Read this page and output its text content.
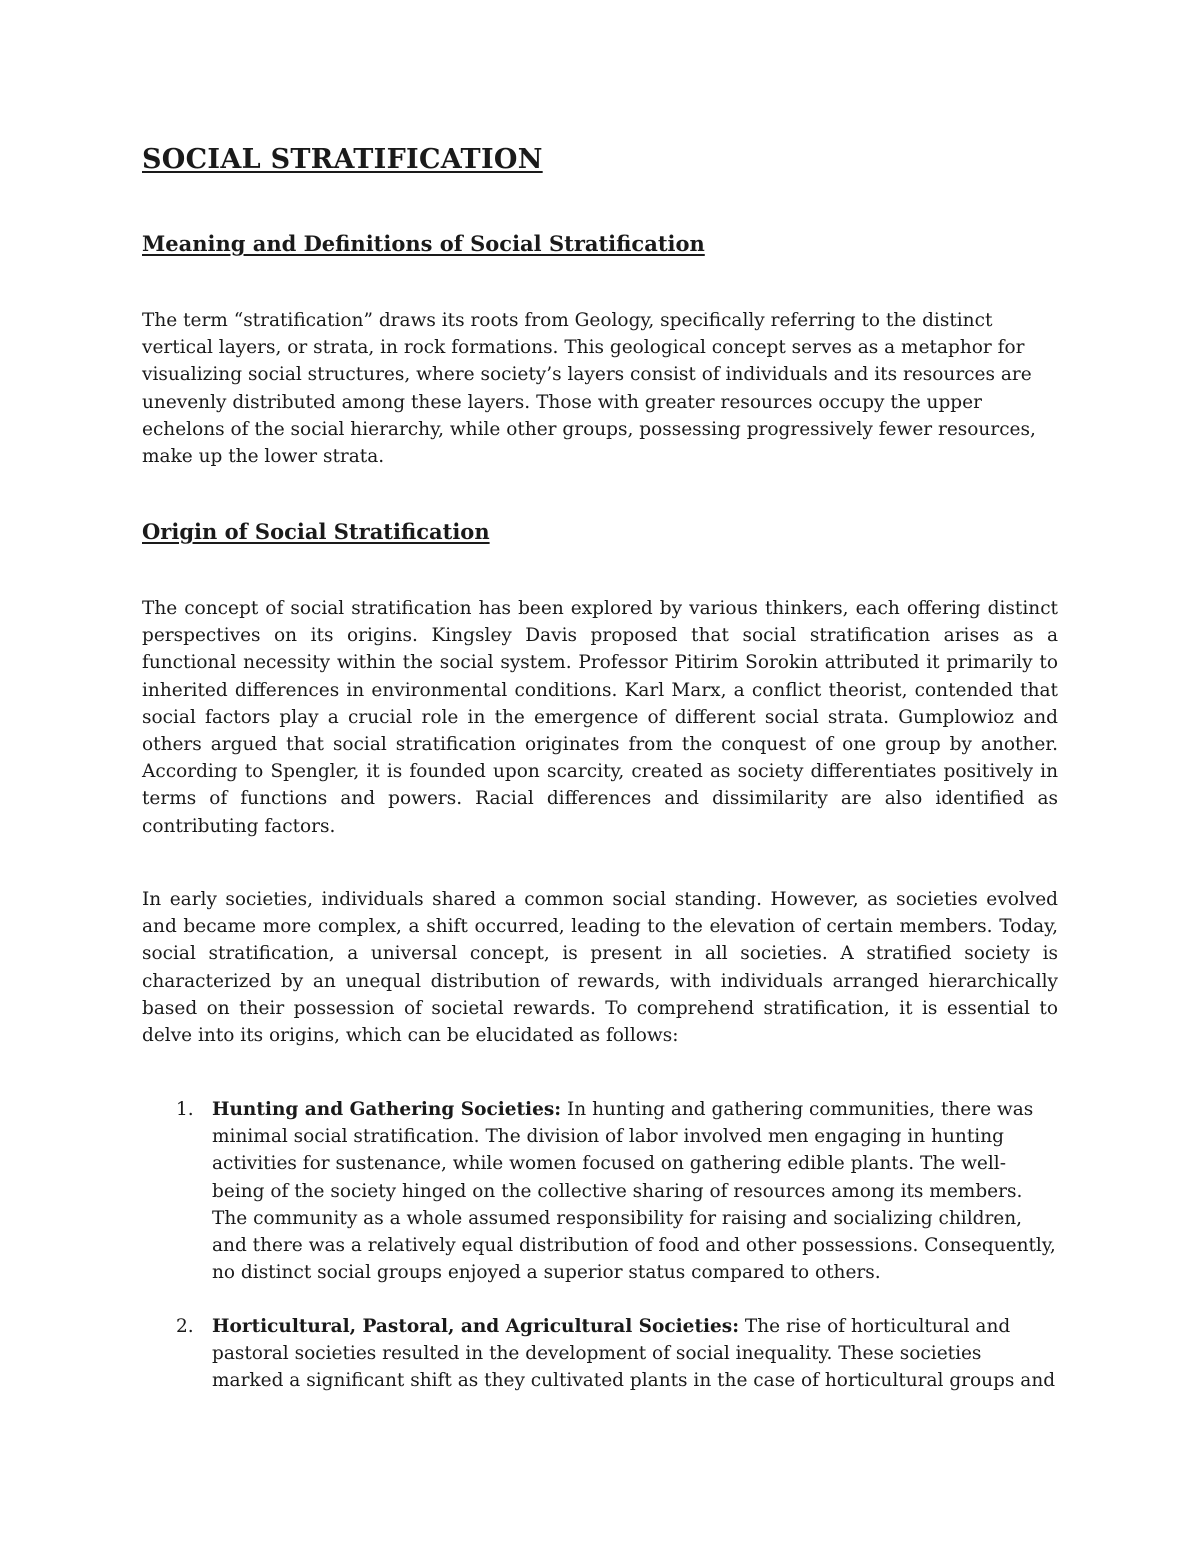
SOCIAL STRATIFICATION
Meaning and Definitions of Social Stratification

The term “stratification” draws its roots from Geology, specifically referring to the distinct vertical layers, or strata, in rock formations. This geological concept serves as a metaphor for visualizing social structures, where society’s layers consist of individuals and its resources are unevenly distributed among these layers. Those with greater resources occupy the upper echelons of the social hierarchy, while other groups, possessing progressively fewer resources, make up the lower strata.

Origin of Social Stratification

The concept of social stratification has been explored by various thinkers, each offering distinct perspectives on its origins. Kingsley Davis proposed that social stratification arises as a functional necessity within the social system. Professor Pitirim Sorokin attributed it primarily to inherited differences in environmental conditions. Karl Marx, a conflict theorist, contended that social factors play a crucial role in the emergence of different social strata. Gumplowioz and others argued that social stratification originates from the conquest of one group by another. According to Spengler, it is founded upon scarcity, created as society differentiates positively in terms of functions and powers. Racial differences and dissimilarity are also identified as contributing factors.

In early societies, individuals shared a common social standing. However, as societies evolved and became more complex, a shift occurred, leading to the elevation of certain members. Today, social stratification, a universal concept, is present in all societies. A stratified society is characterized by an unequal distribution of rewards, with individuals arranged hierarchically based on their possession of societal rewards. To comprehend stratification, it is essential to delve into its origins, which can be elucidated as follows:

1. Hunting and Gathering Societies: In hunting and gathering communities, there was minimal social stratification. The division of labor involved men engaging in hunting activities for sustenance, while women focused on gathering edible plants. The well-being of the society hinged on the collective sharing of resources among its members. The community as a whole assumed responsibility for raising and socializing children, and there was a relatively equal distribution of food and other possessions. Consequently, no distinct social groups enjoyed a superior status compared to others.
2. Horticultural, Pastoral, and Agricultural Societies: The rise of horticultural and pastoral societies resulted in the development of social inequality. These societies marked a significant shift as they cultivated plants in the case of horticultural groups and
